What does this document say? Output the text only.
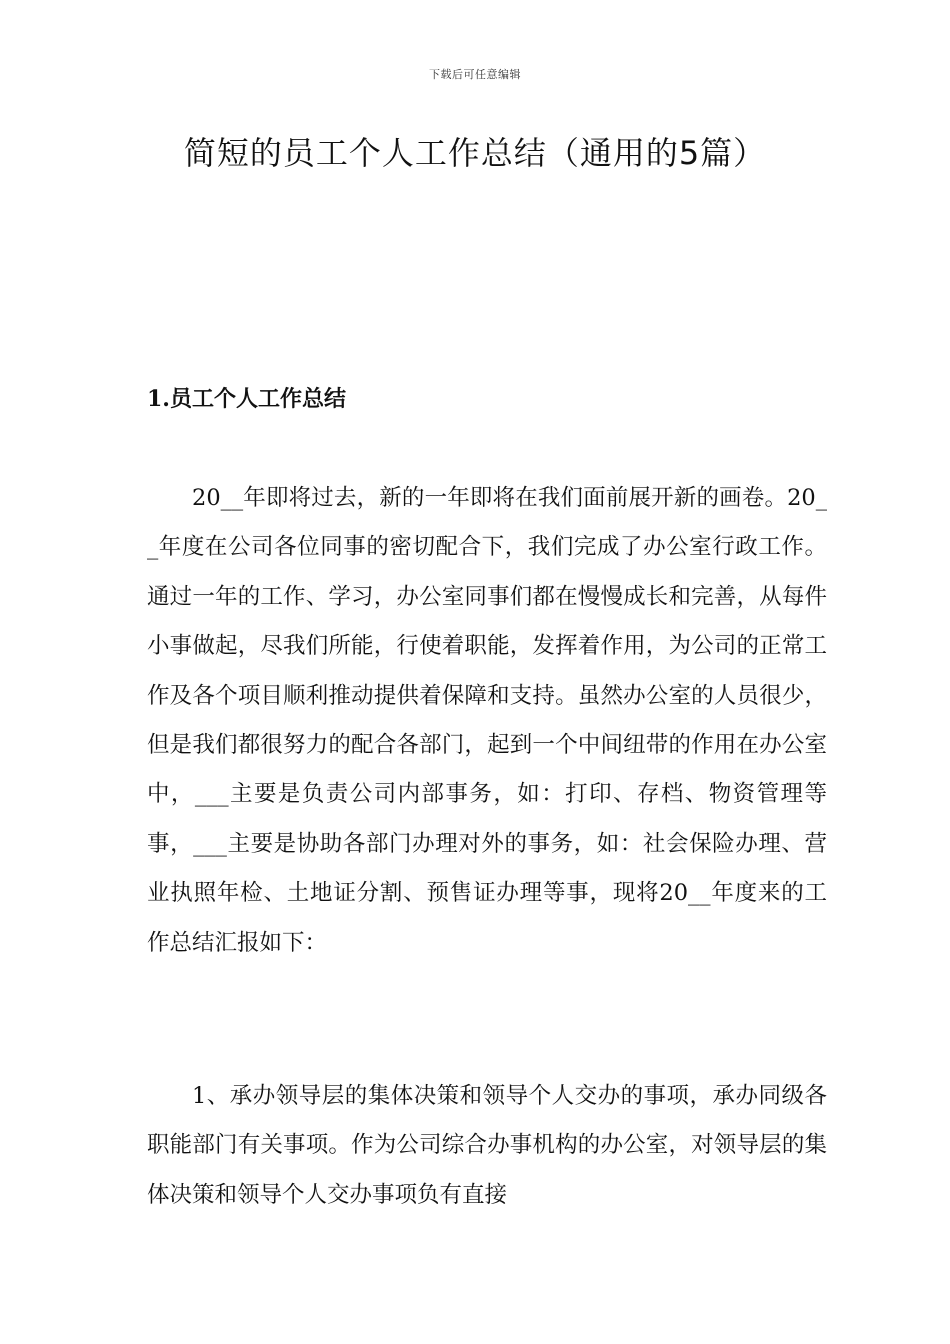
下载后可任意编辑
简短的员工个人工作总结（通用的5篇）
1.员工个人工作总结

20__年即将过去，新的一年即将在我们面前展开新的画卷。20__年度在公司各位同事的密切配合下，我们完成了办公室行政工作。通过一年的工作、学习，办公室同事们都在慢慢成长和完善，从每件小事做起，尽我们所能，行使着职能，发挥着作用，为公司的正常工作及各个项目顺利推动提供着保障和支持。虽然办公室的人员很少，但是我们都很努力的配合各部门，起到一个中间纽带的作用在办公室中，___主要是负责公司内部事务，如：打印、存档、物资管理等事，___主要是协助各部门办理对外的事务，如：社会保险办理、营业执照年检、土地证分割、预售证办理等事，现将20__年度来的工作总结汇报如下：

1、承办领导层的集体决策和领导个人交办的事项，承办同级各职能部门有关事项。作为公司综合办事机构的办公室，对领导层的集体决策和领导个人交办事项负有直接
